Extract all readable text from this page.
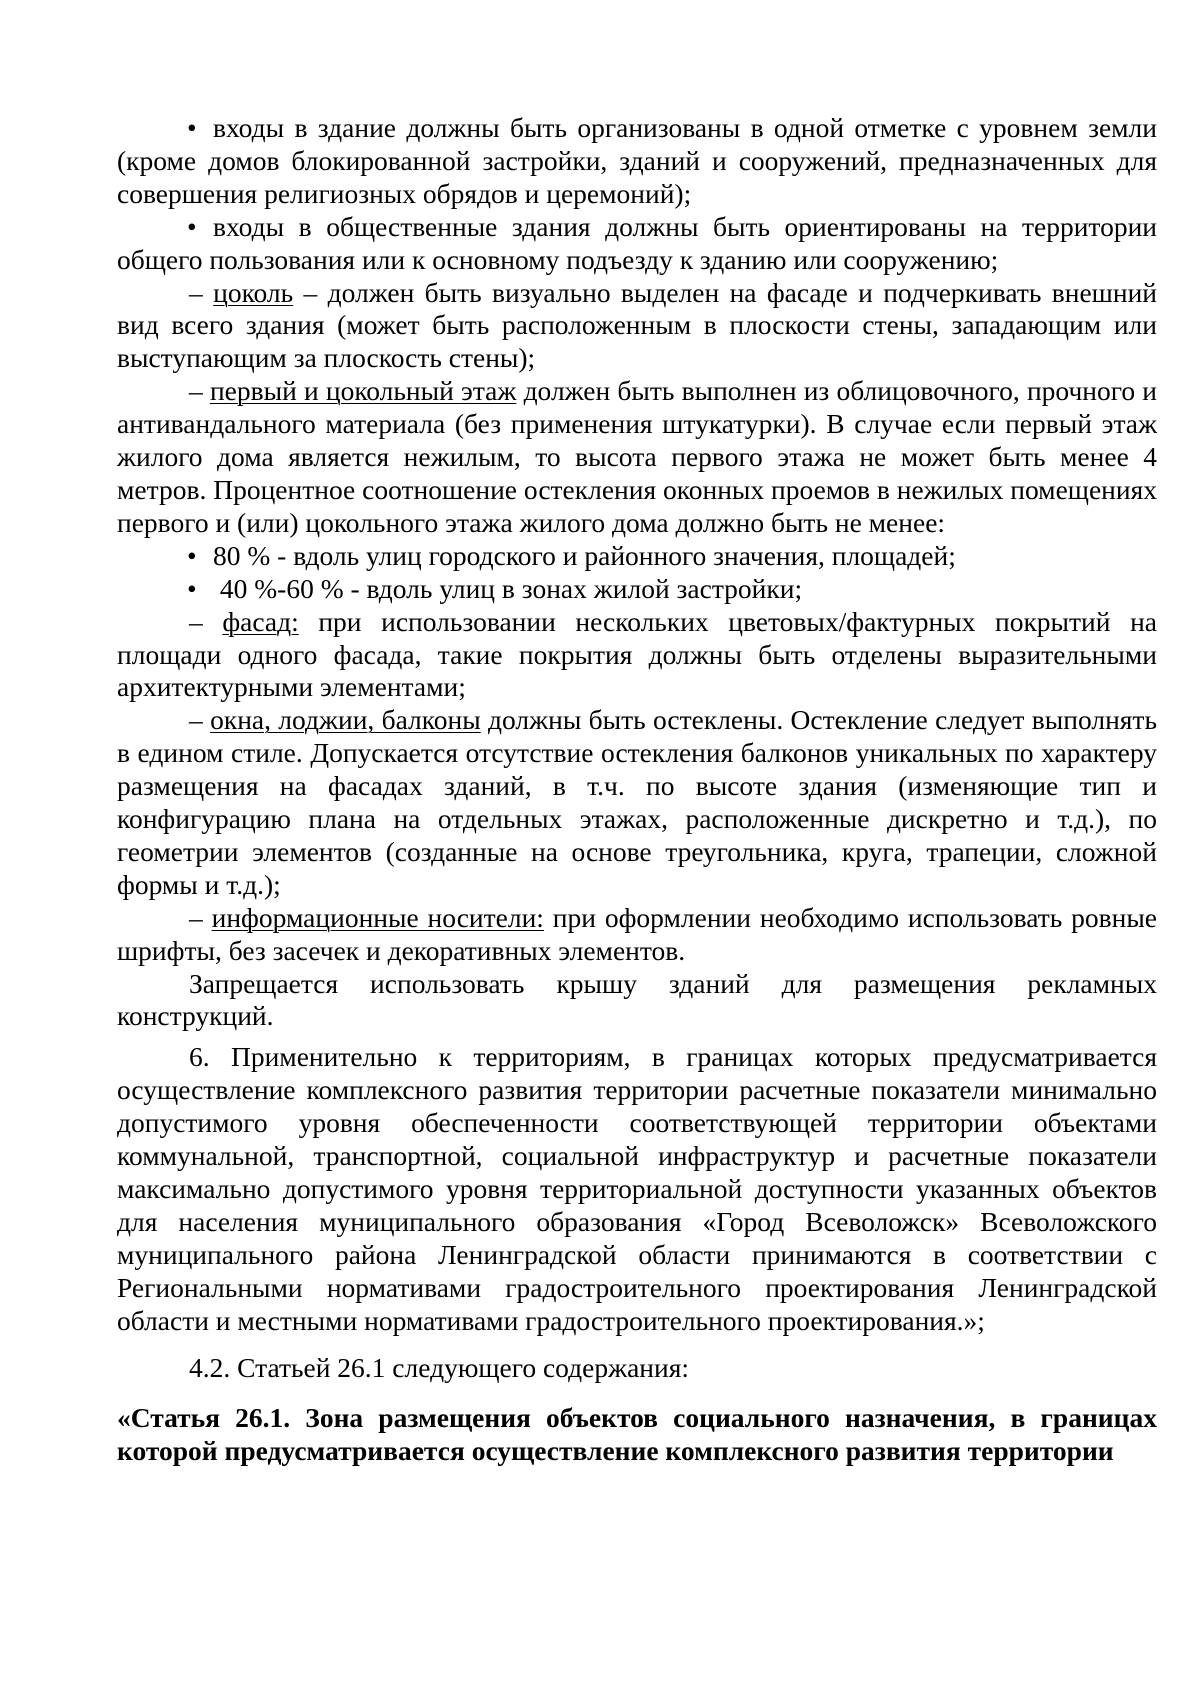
• входы в здание должны быть организованы в одной отметке с уровнем земли (кроме домов блокированной застройки, зданий и сооружений, предназначенных для совершения религиозных обрядов и церемоний);

• входы в общественные здания должны быть ориентированы на территории общего пользования или к основному подъезду к зданию или сооружению;

– цоколь – должен быть визуально выделен на фасаде и подчеркивать внешний вид всего здания (может быть расположенным в плоскости стены, западающим или выступающим за плоскость стены);

– первый и цокольный этаж должен быть выполнен из облицовочного, прочного и антивандального материала (без применения штукатурки). В случае если первый этаж жилого дома является нежилым, то высота первого этажа не может быть менее 4 метров. Процентное соотношение остекления оконных проемов в нежилых помещениях первого и (или) цокольного этажа жилого дома должно быть не менее:

• 80 % - вдоль улиц городского и районного значения, площадей;

• 40 %-60 % - вдоль улиц в зонах жилой застройки;

– фасад: при использовании нескольких цветовых/фактурных покрытий на площади одного фасада, такие покрытия должны быть отделены выразительными архитектурными элементами;

– окна, лоджии, балконы должны быть остеклены. Остекление следует выполнять в едином стиле. Допускается отсутствие остекления балконов уникальных по характеру размещения на фасадах зданий, в т.ч. по высоте здания (изменяющие тип и конфигурацию плана на отдельных этажах, расположенные дискретно и т.д.), по геометрии элементов (созданные на основе треугольника, круга, трапеции, сложной формы и т.д.);

– информационные носители: при оформлении необходимо использовать ровные шрифты, без засечек и декоративных элементов.

Запрещается использовать крышу зданий для размещения рекламных конструкций.

6. Применительно к территориям, в границах которых предусматривается осуществление комплексного развития территории расчетные показатели минимально допустимого уровня обеспеченности соответствующей территории объектами коммунальной, транспортной, социальной инфраструктур и расчетные показатели максимально допустимого уровня территориальной доступности указанных объектов для населения муниципального образования «Город Всеволожск» Всеволожского муниципального района Ленинградской области принимаются в соответствии с Региональными нормативами градостроительного проектирования Ленинградской области и местными нормативами градостроительного проектирования.»;

4.2. Статьей 26.1 следующего содержания:

«Статья 26.1. Зона размещения объектов социального назначения, в границах которой предусматривается осуществление комплексного развития территории
